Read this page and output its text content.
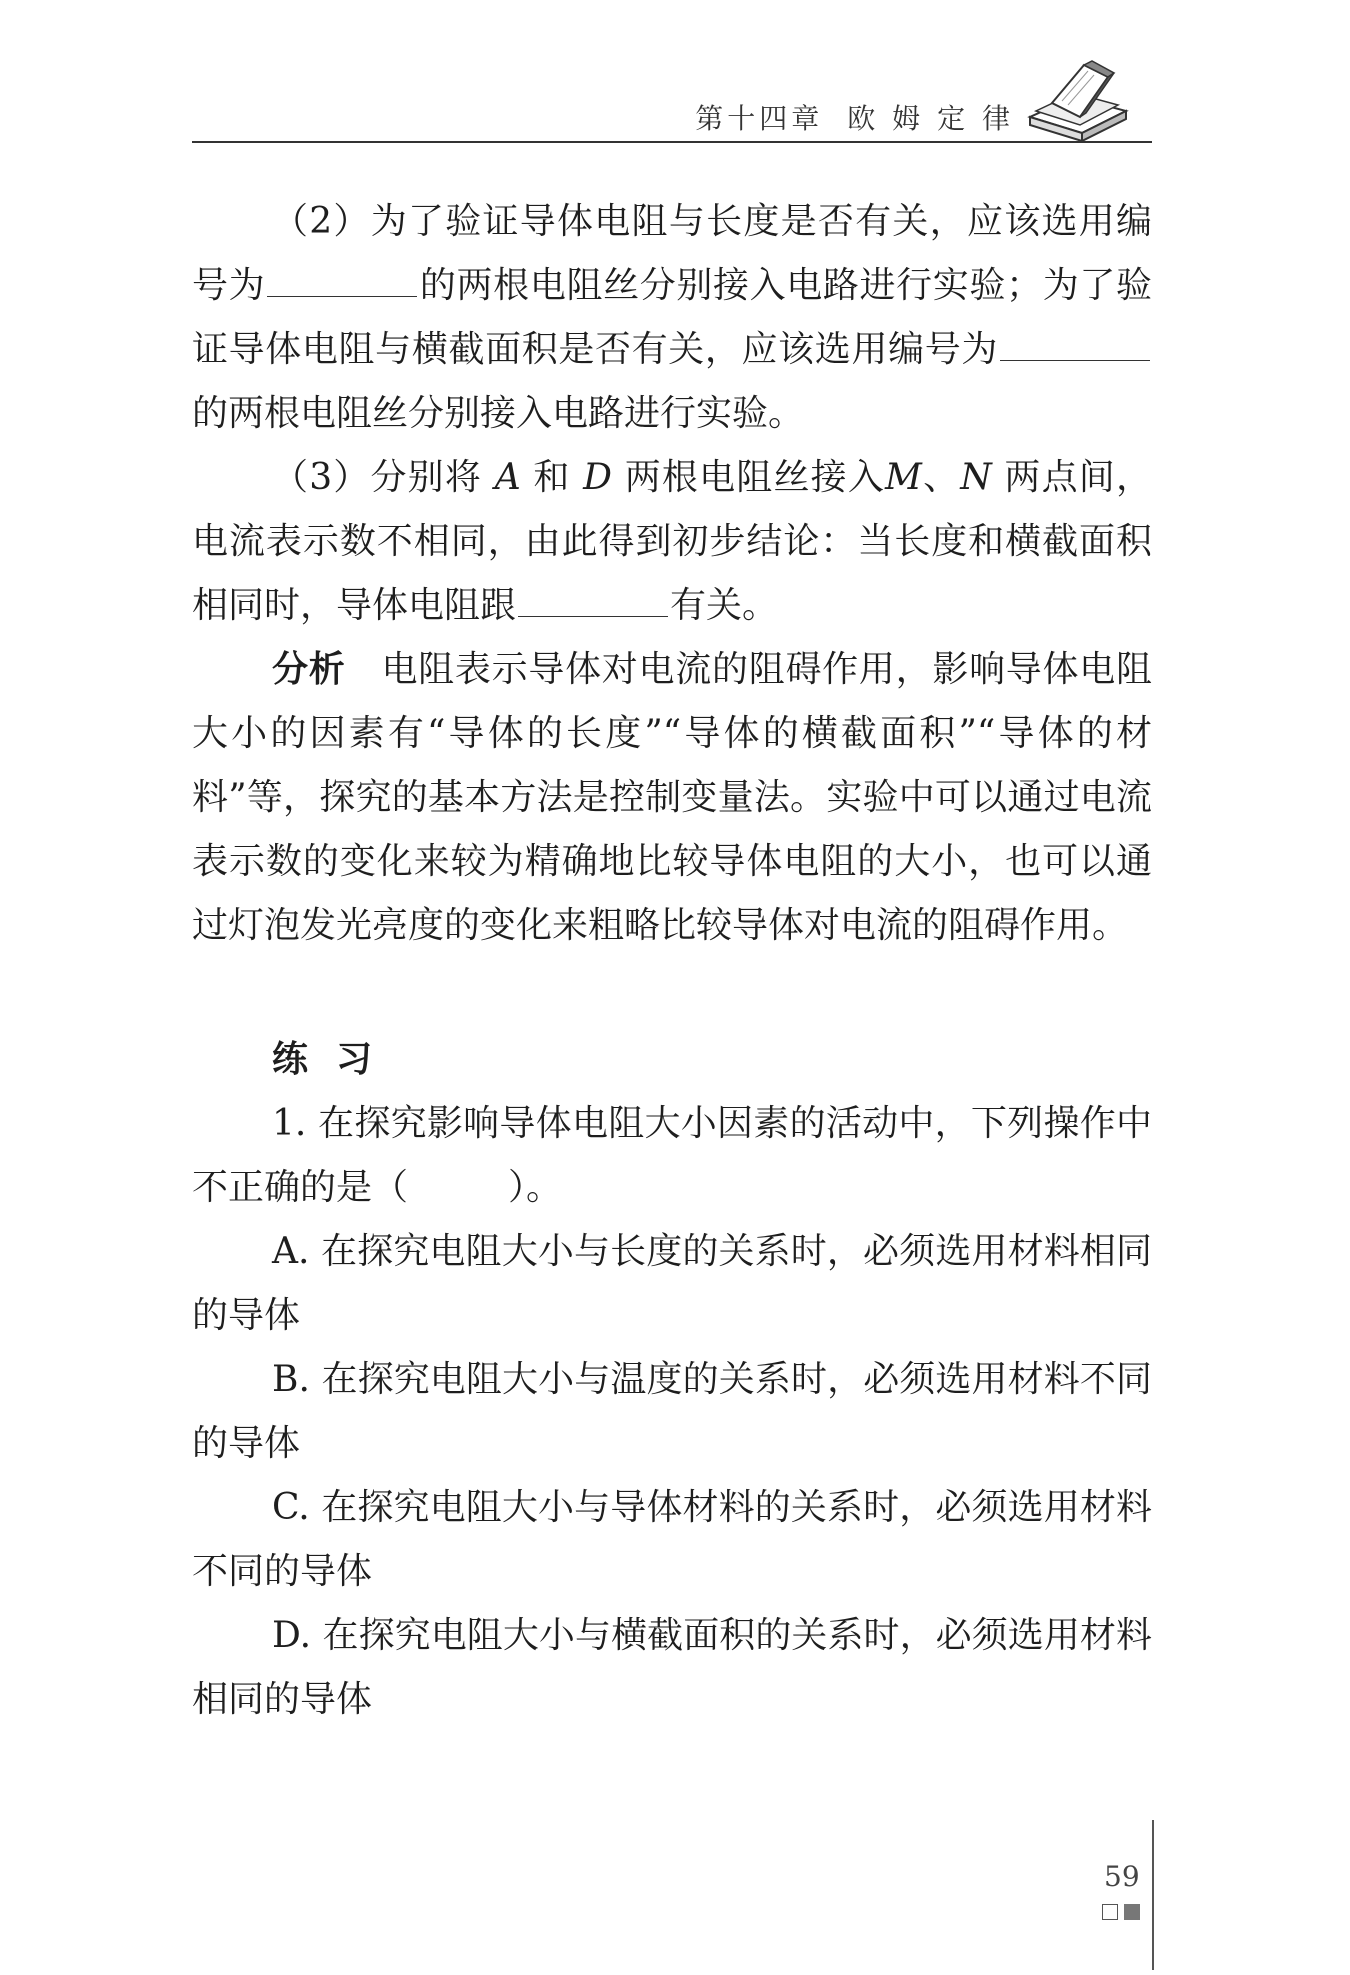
第十四章 欧 姆 定 律

（2）为了验证导体电阻与长度是否有关，应该选用编号为	的两根电阻丝分别接入电路进行实验；为了验证导体电阻与横截面积是否有关，应该选用编号为的两根电阻丝分别接入电路进行实验。

（3）分别将 A 和 D 两根电阻丝接入M、N 两点间，电流表示数不相同，由此得到初步结论：当长度和横截面积相同时，导体电阻跟	有关。

分析 电阻表示导体对电流的阻碍作用，影响导体电阻大小的因素有“导体的长度”“导体的横截面积”“导体的材料”等，探究的基本方法是控制变量法。实验中可以通过电流表示数的变化来较为精确地比较导体电阻的大小，也可以通过灯泡发光亮度的变化来粗略比较导体对电流的阻碍作用。

练习

1. 在探究影响导体电阻大小因素的活动中，下列操作中不正确的是（	）。

A. 在探究电阻大小与长度的关系时，必须选用材料相同的导体

B. 在探究电阻大小与温度的关系时，必须选用材料不同的导体

C. 在探究电阻大小与导体材料的关系时，必须选用材料不同的导体

D. 在探究电阻大小与横截面积的关系时，必须选用材料相同的导体

59
